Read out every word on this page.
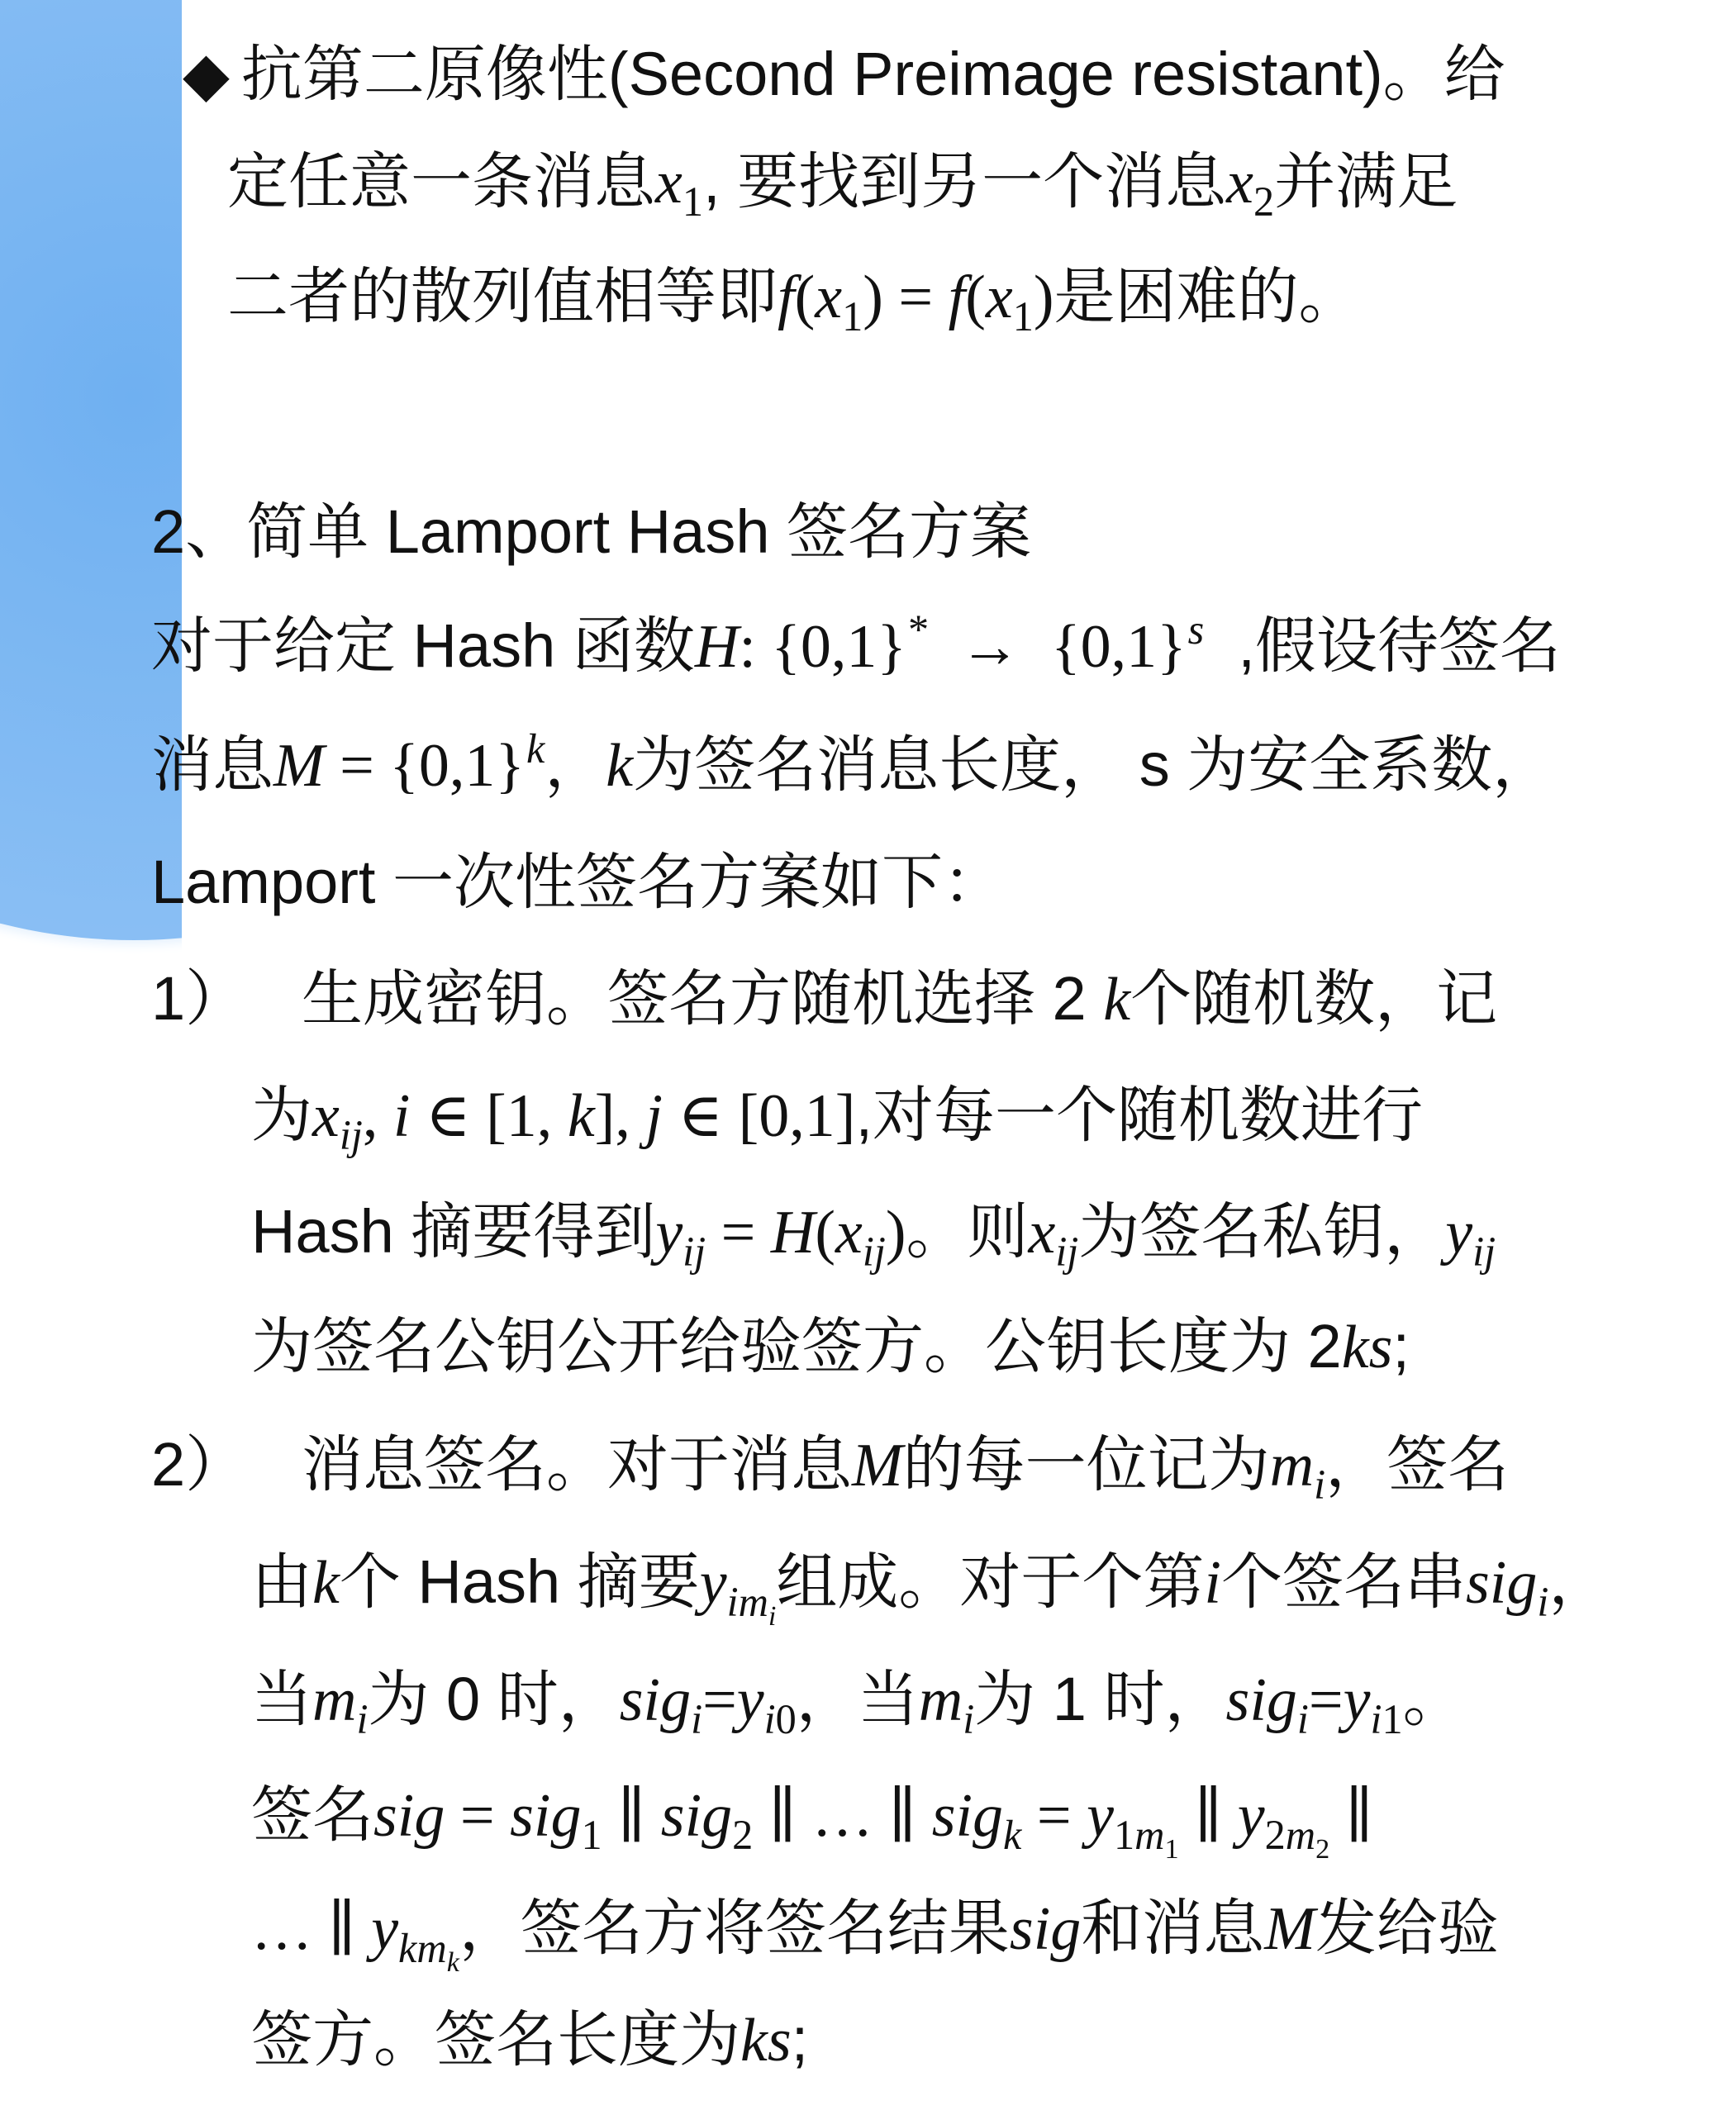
◆ 抗第二原像性(Second Preimage resistant)。给
定任意一条消息$x_1$, 要找到另一个消息$x_2$并满足
二者的散列值相等即$f(x_1) = f(x_1)$是困难的。
2、简单 Lamport Hash 签名方案
对于给定 Hash 函数H: $\{0,1\}^* \to \{0,1\}^s$  ,假设待签名
消息$M = \{0,1\}^k$，k为签名消息长度， s 为安全系数，
Lamport 一次性签名方案如下：
1） 生成密钥。签名方随机选择 2 k个随机数，记
为$x_{ij}$, i ∈ [1, k], j ∈ [0,1],对每一个随机数进行
Hash 摘要得到$y_{ij} = H(x_{ij})$。则$x_{ij}$为签名私钥，$y_{ij}$
为签名公钥公开给验签方。公钥长度为 2ks;
2） 消息签名。对于消息M的每一位记为$m_i$，签名
由k个 Hash 摘要$y_{im_i}$组成。对于个第i个签名串sig$_i$，
当$m_i$为 0 时，$sig_i=y_{i0}$，当$m_i$为 1 时，$sig_i=y_{i1}$。
签名sig = sig$_1$ ∥ sig$_2$ ∥ … ∥ $sig_k = y_{1m_1}$ ∥ $y_{2m_2}$ ∥
… ∥ $y_{km_k}$，签名方将签名结果sig和消息M发给验
签方。签名长度为ks;
